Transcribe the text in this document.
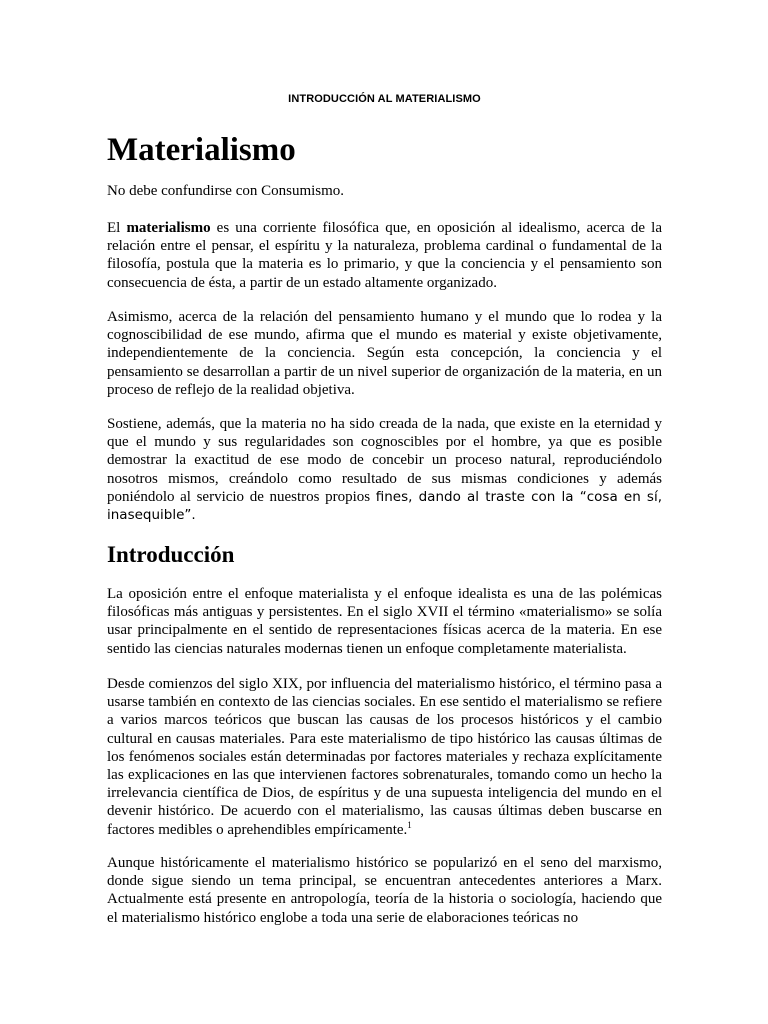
INTRODUCCIÓN AL MATERIALISMO
Materialismo

No debe confundirse con Consumismo.

El materialismo es una corriente filosófica que, en oposición al idealismo, acerca de la relación entre el pensar, el espíritu y la naturaleza, problema cardinal o fundamental de la filosofía, postula que la materia es lo primario, y que la conciencia y el pensamiento son consecuencia de ésta, a partir de un estado altamente organizado.

Asimismo, acerca de la relación del pensamiento humano y el mundo que lo rodea y la cognoscibilidad de ese mundo, afirma que el mundo es material y existe objetivamente, independientemente de la conciencia. Según esta concepción, la conciencia y el pensamiento se desarrollan a partir de un nivel superior de organización de la materia, en un proceso de reflejo de la realidad objetiva.

Sostiene, además, que la materia no ha sido creada de la nada, que existe en la eternidad y que el mundo y sus regularidades son cognoscibles por el hombre, ya que es posible demostrar la exactitud de ese modo de concebir un proceso natural, reproduciéndolo nosotros mismos, creándolo como resultado de sus mismas condiciones y además poniéndolo al servicio de nuestros propios fines, dando al traste con la “cosa en sí, inasequible”.

Introducción

La oposición entre el enfoque materialista y el enfoque idealista es una de las polémicas filosóficas más antiguas y persistentes. En el siglo XVII el término «materialismo» se solía usar principalmente en el sentido de representaciones físicas acerca de la materia. En ese sentido las ciencias naturales modernas tienen un enfoque completamente materialista.

Desde comienzos del siglo XIX, por influencia del materialismo histórico, el término pasa a usarse también en contexto de las ciencias sociales. En ese sentido el materialismo se refiere a varios marcos teóricos que buscan las causas de los procesos históricos y el cambio cultural en causas materiales. Para este materialismo de tipo histórico las causas últimas de los fenómenos sociales están determinadas por factores materiales y rechaza explícitamente las explicaciones en las que intervienen factores sobrenaturales, tomando como un hecho la irrelevancia científica de Dios, de espíritus y de una supuesta inteligencia del mundo en el devenir histórico. De acuerdo con el materialismo, las causas últimas deben buscarse en factores medibles o aprehendibles empíricamente.$^1$

Aunque históricamente el materialismo histórico se popularizó en el seno del marxismo, donde sigue siendo un tema principal, se encuentran antecedentes anteriores a Marx. Actualmente está presente en antropología, teoría de la historia o sociología, haciendo que el materialismo histórico englobe a toda una serie de elaboraciones teóricas no
